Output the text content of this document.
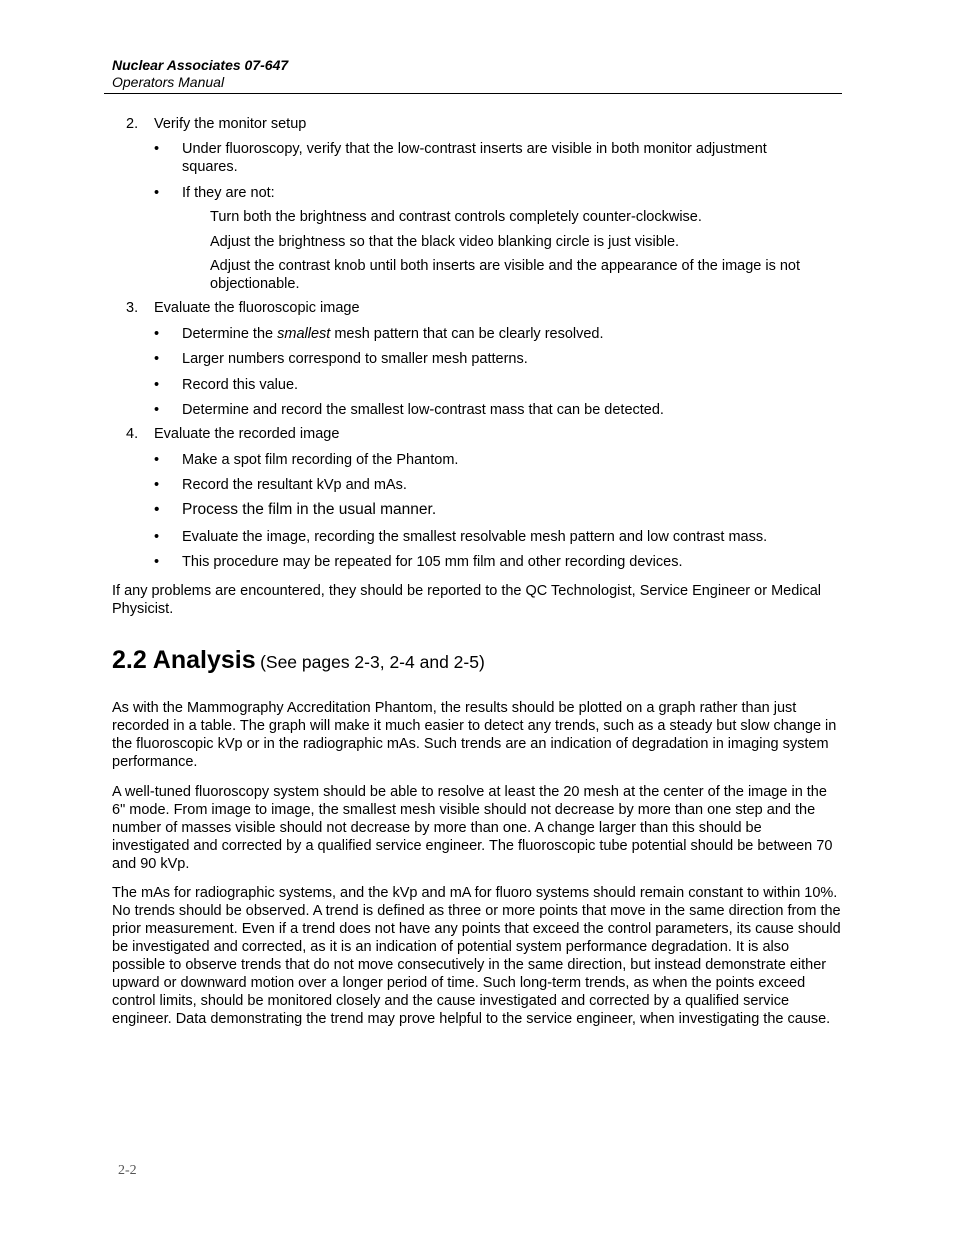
Nuclear Associates 07-647
Operators Manual
2. Verify the monitor setup
• Under fluoroscopy, verify that the low-contrast inserts are visible in both monitor adjustment squares.
• If they are not:
Turn both the brightness and contrast controls completely counter-clockwise.
Adjust the brightness so that the black video blanking circle is just visible.
Adjust the contrast knob until both inserts are visible and the appearance of the image is not objectionable.
3. Evaluate the fluoroscopic image
• Determine the smallest mesh pattern that can be clearly resolved.
• Larger numbers correspond to smaller mesh patterns.
• Record this value.
• Determine and record the smallest low-contrast mass that can be detected.
4. Evaluate the recorded image
• Make a spot film recording of the Phantom.
• Record the resultant kVp and mAs.
• Process the film in the usual manner.
• Evaluate the image, recording the smallest resolvable mesh pattern and low contrast mass.
• This procedure may be repeated for 105 mm film and other recording devices.
If any problems are encountered, they should be reported to the QC Technologist, Service Engineer or Medical Physicist.
2.2 Analysis (See pages 2-3, 2-4 and 2-5)
As with the Mammography Accreditation Phantom, the results should be plotted on a graph rather than just recorded in a table. The graph will make it much easier to detect any trends, such as a steady but slow change in the fluoroscopic kVp or in the radiographic mAs. Such trends are an indication of degradation in imaging system performance.
A well-tuned fluoroscopy system should be able to resolve at least the 20 mesh at the center of the image in the 6" mode. From image to image, the smallest mesh visible should not decrease by more than one step and the number of masses visible should not decrease by more than one. A change larger than this should be investigated and corrected by a qualified service engineer. The fluoroscopic tube potential should be between 70 and 90 kVp.
The mAs for radiographic systems, and the kVp and mA for fluoro systems should remain constant to within 10%. No trends should be observed. A trend is defined as three or more points that move in the same direction from the prior measurement. Even if a trend does not have any points that exceed the control parameters, its cause should be investigated and corrected, as it is an indication of potential system performance degradation. It is also possible to observe trends that do not move consecutively in the same direction, but instead demonstrate either upward or downward motion over a longer period of time. Such long-term trends, as when the points exceed control limits, should be monitored closely and the cause investigated and corrected by a qualified service engineer. Data demonstrating the trend may prove helpful to the service engineer, when investigating the cause.
2-2
